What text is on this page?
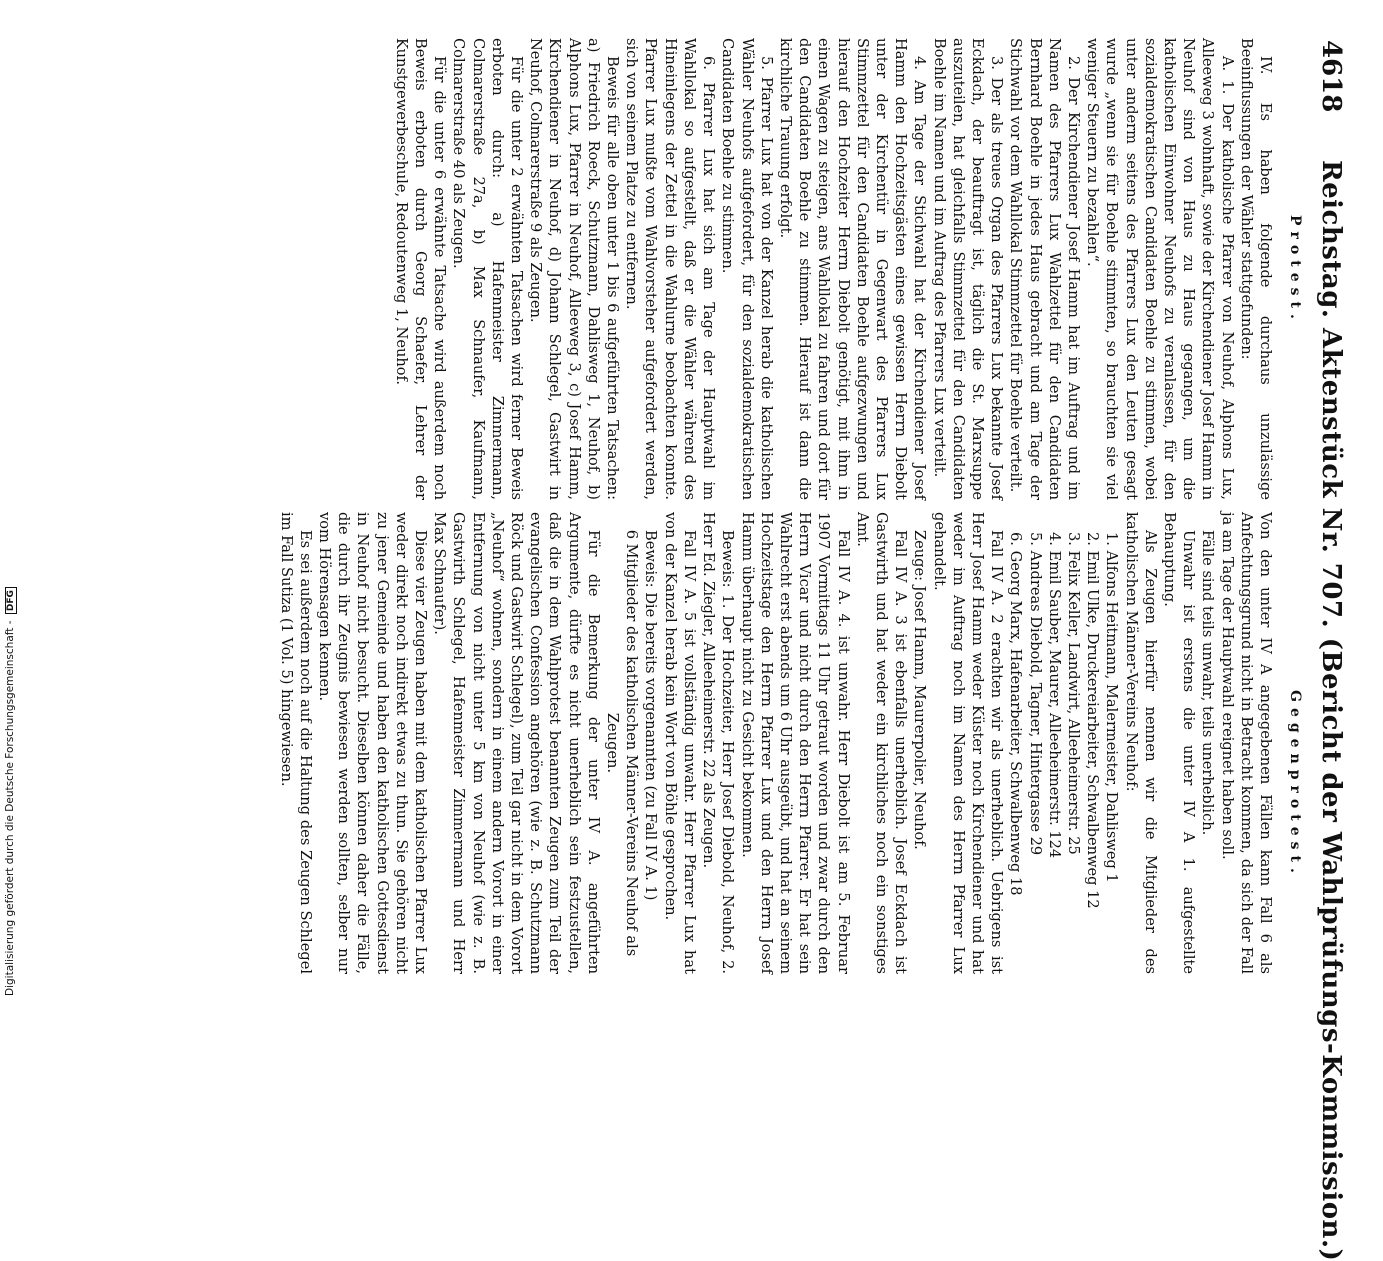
4618
Reichstag. Aktenstück Nr. 707. (Bericht der Wahlprüfungs-Kommission.)
Protest.
Gegenprotest.

IV. Es haben folgende durchaus unzulässige Beeinflussungen der Wähler stattgefunden:

A. 1. Der katholische Pfarrer von Neuhof, Alphons Lux, Alleeweg 3 wohnhaft, sowie der Kirchendiener Josef Hamm in Neuhof sind von Haus zu Haus gegangen, um die katholischen Einwohner Neuhofs zu veranlassen, für den sozialdemokratischen Candidaten Boehle zu stimmen, wobei unter anderm seitens des Pfarrers Lux den Leuten gesagt wurde „wenn sie für Boehle stimmten, so brauchten sie viel weniger Steuern zu bezahlen“.

2. Der Kirchendiener Josef Hamm hat im Auftrag und im Namen des Pfarrers Lux Wahlzettel für den Candidaten Bernhard Boehle in jedes Haus gebracht und am Tage der Stichwahl vor dem Wahllokal Stimmzettel für Boehle verteilt.

3. Der als treues Organ des Pfarrers Lux bekannte Josef Eckdach, der beauftragt ist, täglich die St. Marxsuppe auszuteilen, hat gleichfalls Stimmzettel für den Candidaten Boehle im Namen und im Auftrag des Pfarrers Lux verteilt.

4. Am Tage der Stichwahl hat der Kirchendiener Josef Hamm den Hochzeitsgästen eines gewissen Herrn Diebolt unter der Kirchentür in Gegenwart des Pfarrers Lux Stimmzettel für den Candidaten Boehle aufgezwungen und hierauf den Hochzeiter Herrn Diebolt genötigt, mit ihm in einen Wagen zu steigen, ans Wahllokal zu fahren und dort für den Candidaten Boehle zu stimmen. Hierauf ist dann die kirchliche Trauung erfolgt.

5. Pfarrer Lux hat von der Kanzel herab die katholischen Wähler Neuhofs aufgefordert, für den sozialdemokratischen Candidaten Boehle zu stimmen.

6. Pfarrer Lux hat sich am Tage der Hauptwahl im Wahllokal so aufgestellt, daß er die Wähler während des Hineinlegens der Zettel in die Wahlurne beobachten konnte. Pfarrer Lux mußte vom Wahlvorsteher aufgefordert werden, sich von seinem Platze zu entfernen.

Beweis für alle oben unter 1 bis 6 aufgeführten Tatsachen: a) Friedrich Roeck, Schutzmann, Dahlisweg 1, Neuhof, b) Alphons Lux, Pfarrer in Neuhof, Alleeweg 3, c) Josef Hamm, Kirchendiener in Neuhof, d) Johann Schlegel, Gastwirt in Neuhof, Colmarerstraße 9 als Zeugen.

Für die unter 2 erwähnten Tatsachen wird ferner Beweis erboten durch: a) Hafenmeister Zimmermann, Colmarerstraße 27a, b) Max Schnaufer, Kaufmann, Colmarerstraße 40 als Zeugen.

Für die unter 6 erwähnte Tatsache wird außerdem noch Beweis erboten durch Georg Schaefer, Lehrer der Kunstgewerbeschule, Redoutenweg 1, Neuhof.

Von den unter IV A angegebenen Fällen kann Fall 6 als Anfechtungsgrund nicht in Betracht kommen, da sich der Fall ja am Tage der Hauptwahl ereignet haben soll.

Fälle sind teils unwahr, teils unerheblich.

Unwahr ist erstens die unter IV A 1. aufgestellte Behauptung.

Als Zeugen hierfür nennen wir die Mitglieder des katholischen Männer-Vereins Neuhof:

1. Alfons Heitmann, Malermeister, Dahlisweg 1

2. Emil Ulke, Druckereiarbeiter, Schwalbenweg 12

3. Felix Keller, Landwirt, Alleeheimerstr. 25

4. Emil Sauber, Maurer, Alleeheimerstr. 124

5. Andreas Diebold, Tagner, Hintergasse 29

6. Georg Marx, Hafenarbeiter, Schwalbenweg 18

Fall IV A. 2 erachten wir als unerheblich. Uebrigens ist Herr Josef Hamm weder Küster noch Kirchendiener und hat weder im Auftrag noch im Namen des Herrn Pfarrer Lux gehandelt.

Zeuge: Josef Hamm, Maurerpolier, Neuhof.

Fall IV A. 3 ist ebenfalls unerheblich. Josef Eckdach ist Gastwirth und hat weder ein kirchliches noch ein sonstiges Amt.

Fall IV A. 4. ist unwahr. Herr Diebolt ist am 5. Februar 1907 Vormittags 11 Uhr getraut worden und zwar durch den Herrn Vicar und nicht durch den Herrn Pfarrer. Er hat sein Wahlrecht erst abends um 6 Uhr ausgeübt, und hat an seinem Hochzeitstage den Herrn Pfarrer Lux und den Herrn Josef Hamm überhaupt nicht zu Gesicht bekommen.

Beweis: 1. Der Hochzeiter, Herr Josef Diebold, Neuhof, 2. Herr Ed. Ziegler, Alleeheimerstr. 22 als Zeugen.

Fall IV A. 5 ist vollständig unwahr. Herr Pfarrer Lux hat von der Kanzel herab kein Wort von Böhle gesprochen.

Beweis: Die bereits vorgenannten (zu Fall IV A. 1)

6 Mitglieder des katholischen Männer-Vereins Neuhof als Zeugen.

Für die Bemerkung der unter IV A. angeführten Argumente, dürfte es nicht unerheblich sein festzustellen, daß die in dem Wahlprotest benannten Zeugen zum Teil der evangelischen Confession angehören (wie z. B. Schutzmann Röck und Gastwirt Schlegel), zum Teil gar nicht in dem Vorort „Neuhof“ wohnen, sondern in einem andern Vorort in einer Entfernung von nicht unter 5 km von Neuhof (wie z. B. Gastwirth Schlegel, Hafenmeister Zimmermann und Herr Max Schnaufer).

Diese vier Zeugen haben mit dem katholischen Pfarrer Lux weder direkt noch indirekt etwas zu thun. Sie gehören nicht zu jener Gemeinde und haben den katholischen Gottesdienst in Neuhof nicht besucht. Dieselben können daher die Fälle, die durch ihr Zeugnis bewiesen werden sollten, selber nur vom Hörensagen kennen.

Es sei außerdem noch auf die Haltung des Zeugen Schlegel im Fall Sutiza (1 Vol. 5) hingewiesen.

Digitalisierung gefördert durch die Deutsche Forschungsgemeinschaft - DFG
